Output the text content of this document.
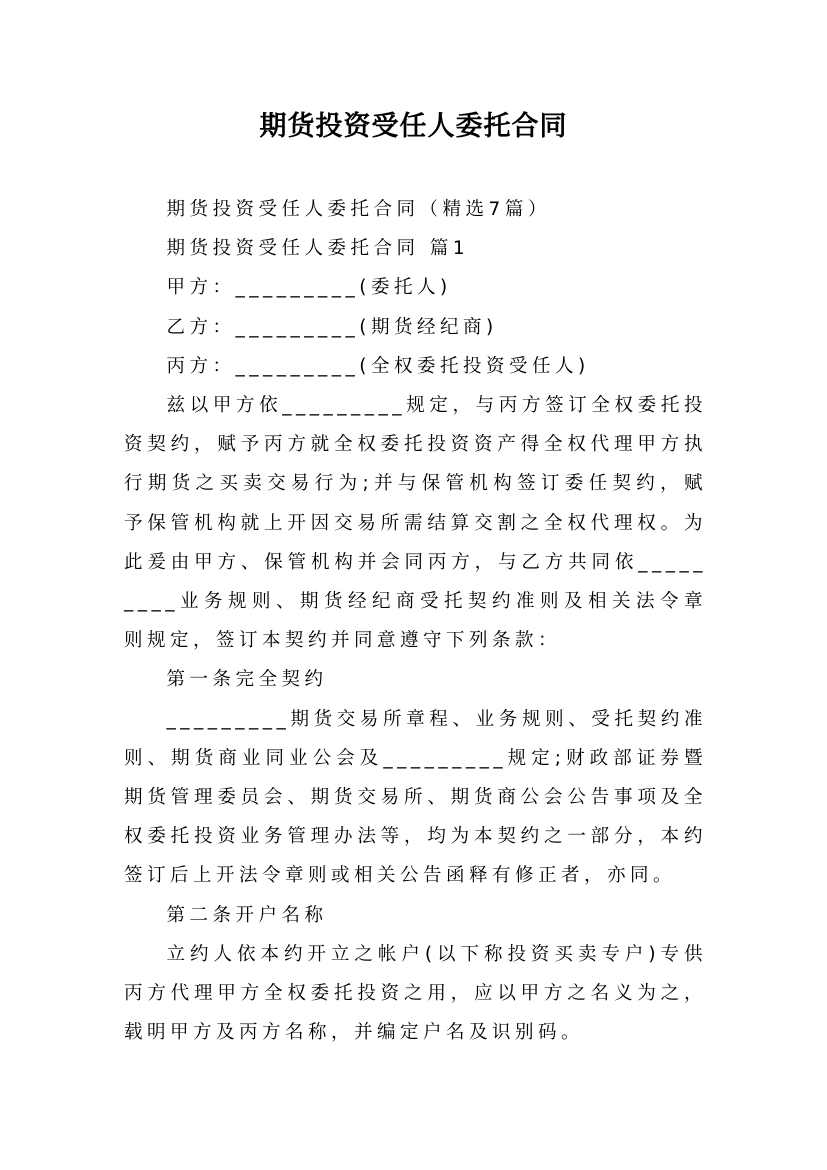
期货投资受任人委托合同

期货投资受任人委托合同（精选7篇）

期货投资受任人委托合同 篇1

甲方：_________(委托人)

乙方：_________(期货经纪商)

丙方：_________(全权委托投资受任人)

兹以甲方依_________规定，与丙方签订全权委托投资契约，赋予丙方就全权委托投资资产得全权代理甲方执行期货之买卖交易行为;并与保管机构签订委任契约，赋予保管机构就上开因交易所需结算交割之全权代理权。为此爰由甲方、保管机构并会同丙方，与乙方共同依_________业务规则、期货经纪商受托契约准则及相关法令章则规定，签订本契约并同意遵守下列条款：

第一条完全契约

_________期货交易所章程、业务规则、受托契约准则、期货商业同业公会及_________规定;财政部证券暨期货管理委员会、期货交易所、期货商公会公告事项及全权委托投资业务管理办法等，均为本契约之一部分，本约签订后上开法令章则或相关公告函释有修正者，亦同。

第二条开户名称

立约人依本约开立之帐户(以下称投资买卖专户)专供丙方代理甲方全权委托投资之用，应以甲方之名义为之，载明甲方及丙方名称，并编定户名及识别码。
